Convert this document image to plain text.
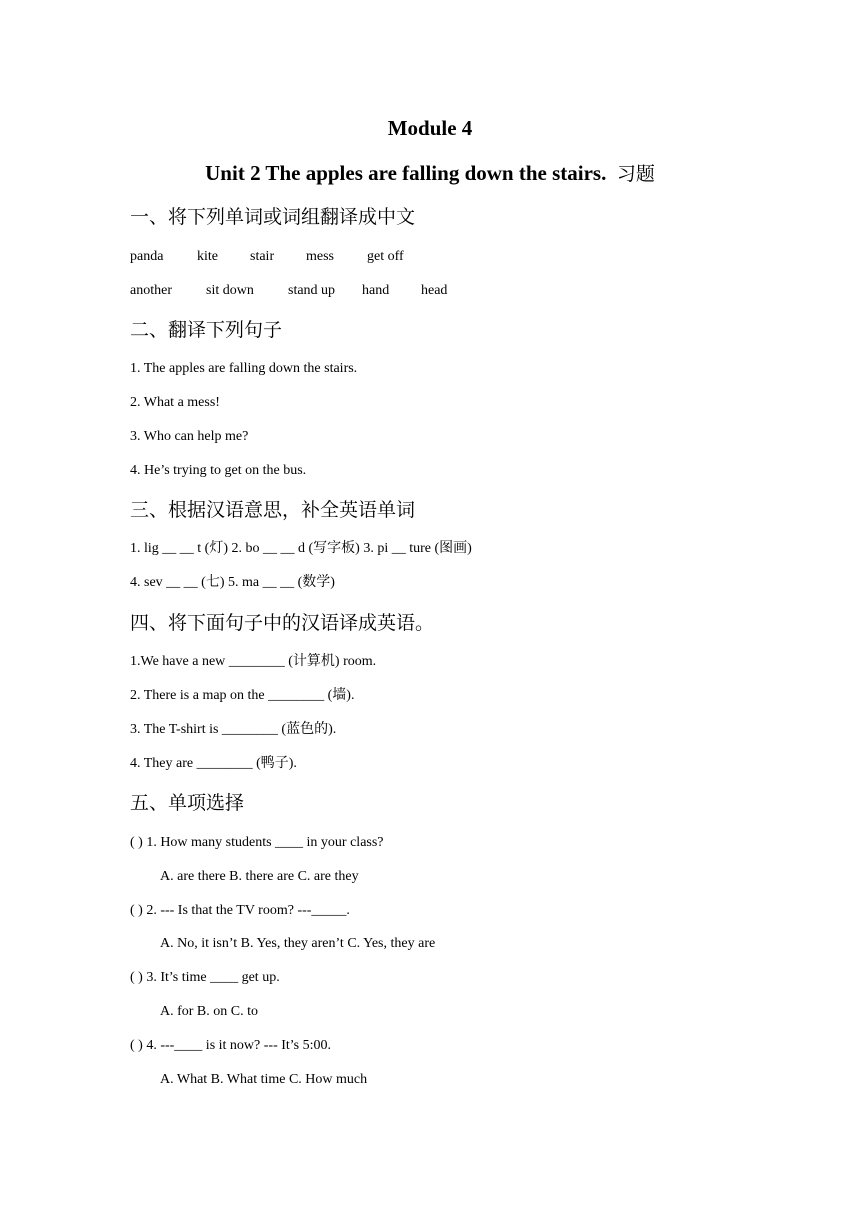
Module 4
Unit 2 The apples are falling down the stairs. 习题
一、将下列单词或词组翻译成中文
panda kite stair mess get off
another sit down stand up hand head
二、翻译下列句子
1. The apples are falling down the stairs.
2. What a mess!
3. Who can help me?
4. He’s trying to get on the bus.
三、根据汉语意思，补全英语单词
1. lig __ __ t (灯) 2. bo __ __ d (写字板) 3. pi __ ture (图画)
4. sev __ __ (七) 5. ma __ __ (数学)
四、将下面句子中的汉语译成英语。
1.We have a new ________ (计算机) room.
2. There is a map on the ________ (墙).
3. The T-shirt is ________ (蓝色的).
4. They are ________ (鸭子).
五、单项选择
( ) 1. How many students ____ in your class?
A. are there B. there are C. are they
( ) 2. --- Is that the TV room? ---_____.
A. No, it isn’t B. Yes, they aren’t C. Yes, they are
( ) 3. It’s time ____ get up.
A. for B. on C. to
( ) 4. ---____ is it now? --- It’s 5:00.
A. What B. What time C. How much
